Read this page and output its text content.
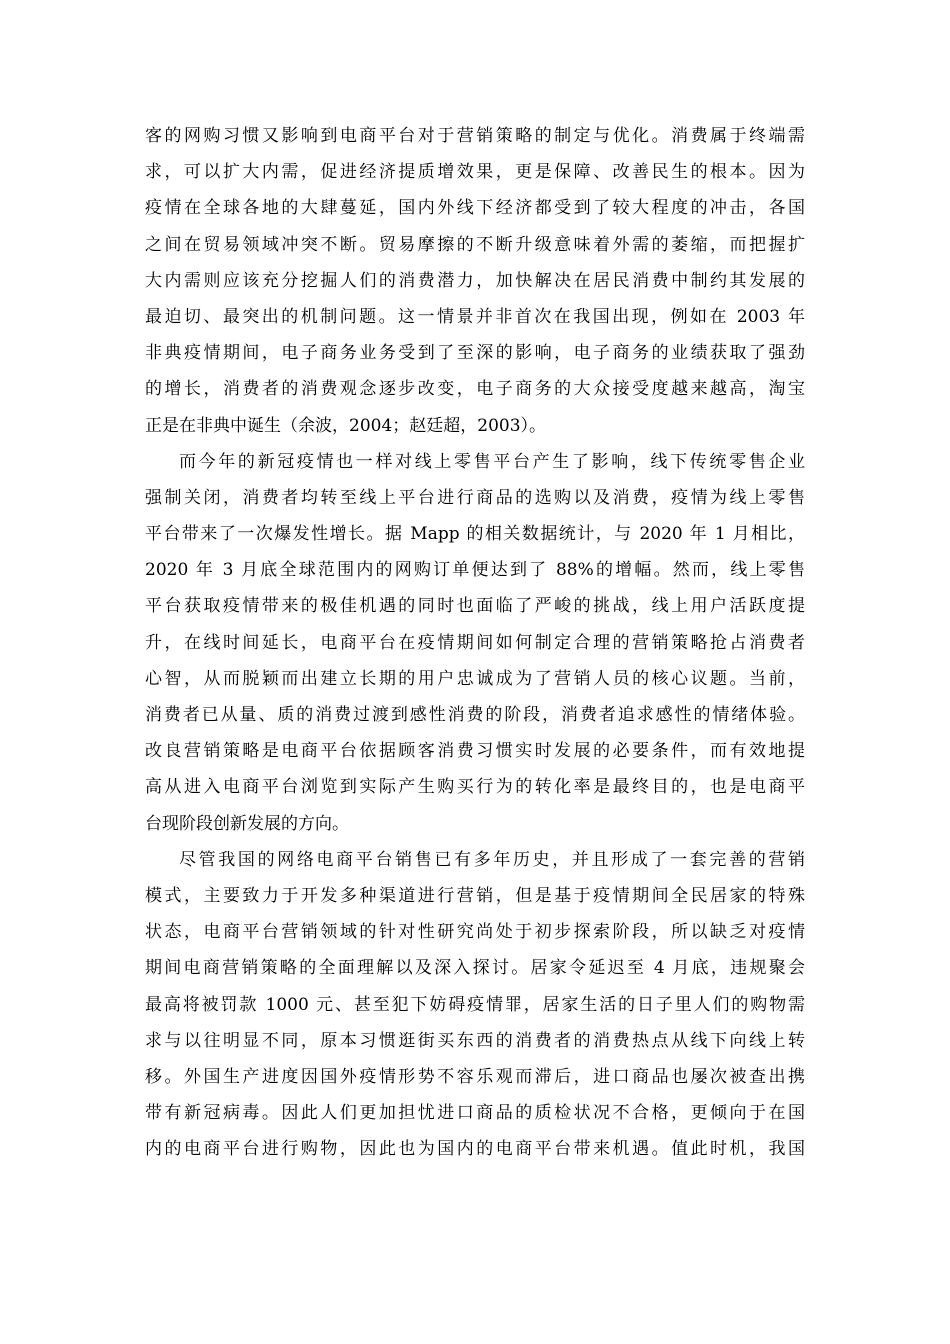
客的网购习惯又影响到电商平台对于营销策略的制定与优化。消费属于终端需
求，可以扩大内需，促进经济提质增效果，更是保障、改善民生的根本。因为
疫情在全球各地的大肆蔓延，国内外线下经济都受到了较大程度的冲击，各国
之间在贸易领域冲突不断。贸易摩擦的不断升级意味着外需的萎缩，而把握扩
大内需则应该充分挖掘人们的消费潜力，加快解决在居民消费中制约其发展的
最迫切、最突出的机制问题。这一情景并非首次在我国出现，例如在 2003 年
非典疫情期间，电子商务业务受到了至深的影响，电子商务的业绩获取了强劲
的增长，消费者的消费观念逐步改变，电子商务的大众接受度越来越高，淘宝
正是在非典中诞生（余波，2004；赵廷超，2003）。
而今年的新冠疫情也一样对线上零售平台产生了影响，线下传统零售企业
强制关闭，消费者均转至线上平台进行商品的选购以及消费，疫情为线上零售
平台带来了一次爆发性增长。据 Mapp 的相关数据统计，与 2020 年 1 月相比，
2020 年 3 月底全球范围内的网购订单便达到了 88%的增幅。然而，线上零售
平台获取疫情带来的极佳机遇的同时也面临了严峻的挑战，线上用户活跃度提
升，在线时间延长，电商平台在疫情期间如何制定合理的营销策略抢占消费者
心智，从而脱颖而出建立长期的用户忠诚成为了营销人员的核心议题。当前，
消费者已从量、质的消费过渡到感性消费的阶段，消费者追求感性的情绪体验。
改良营销策略是电商平台依据顾客消费习惯实时发展的必要条件，而有效地提
高从进入电商平台浏览到实际产生购买行为的转化率是最终目的，也是电商平
台现阶段创新发展的方向。
尽管我国的网络电商平台销售已有多年历史，并且形成了一套完善的营销
模式，主要致力于开发多种渠道进行营销，但是基于疫情期间全民居家的特殊
状态，电商平台营销领域的针对性研究尚处于初步探索阶段，所以缺乏对疫情
期间电商营销策略的全面理解以及深入探讨。居家令延迟至 4 月底，违规聚会
最高将被罚款 1000 元、甚至犯下妨碍疫情罪，居家生活的日子里人们的购物需
求与以往明显不同，原本习惯逛街买东西的消费者的消费热点从线下向线上转
移。外国生产进度因国外疫情形势不容乐观而滞后，进口商品也屡次被查出携
带有新冠病毒。因此人们更加担忧进口商品的质检状况不合格，更倾向于在国
内的电商平台进行购物，因此也为国内的电商平台带来机遇。值此时机，我国
